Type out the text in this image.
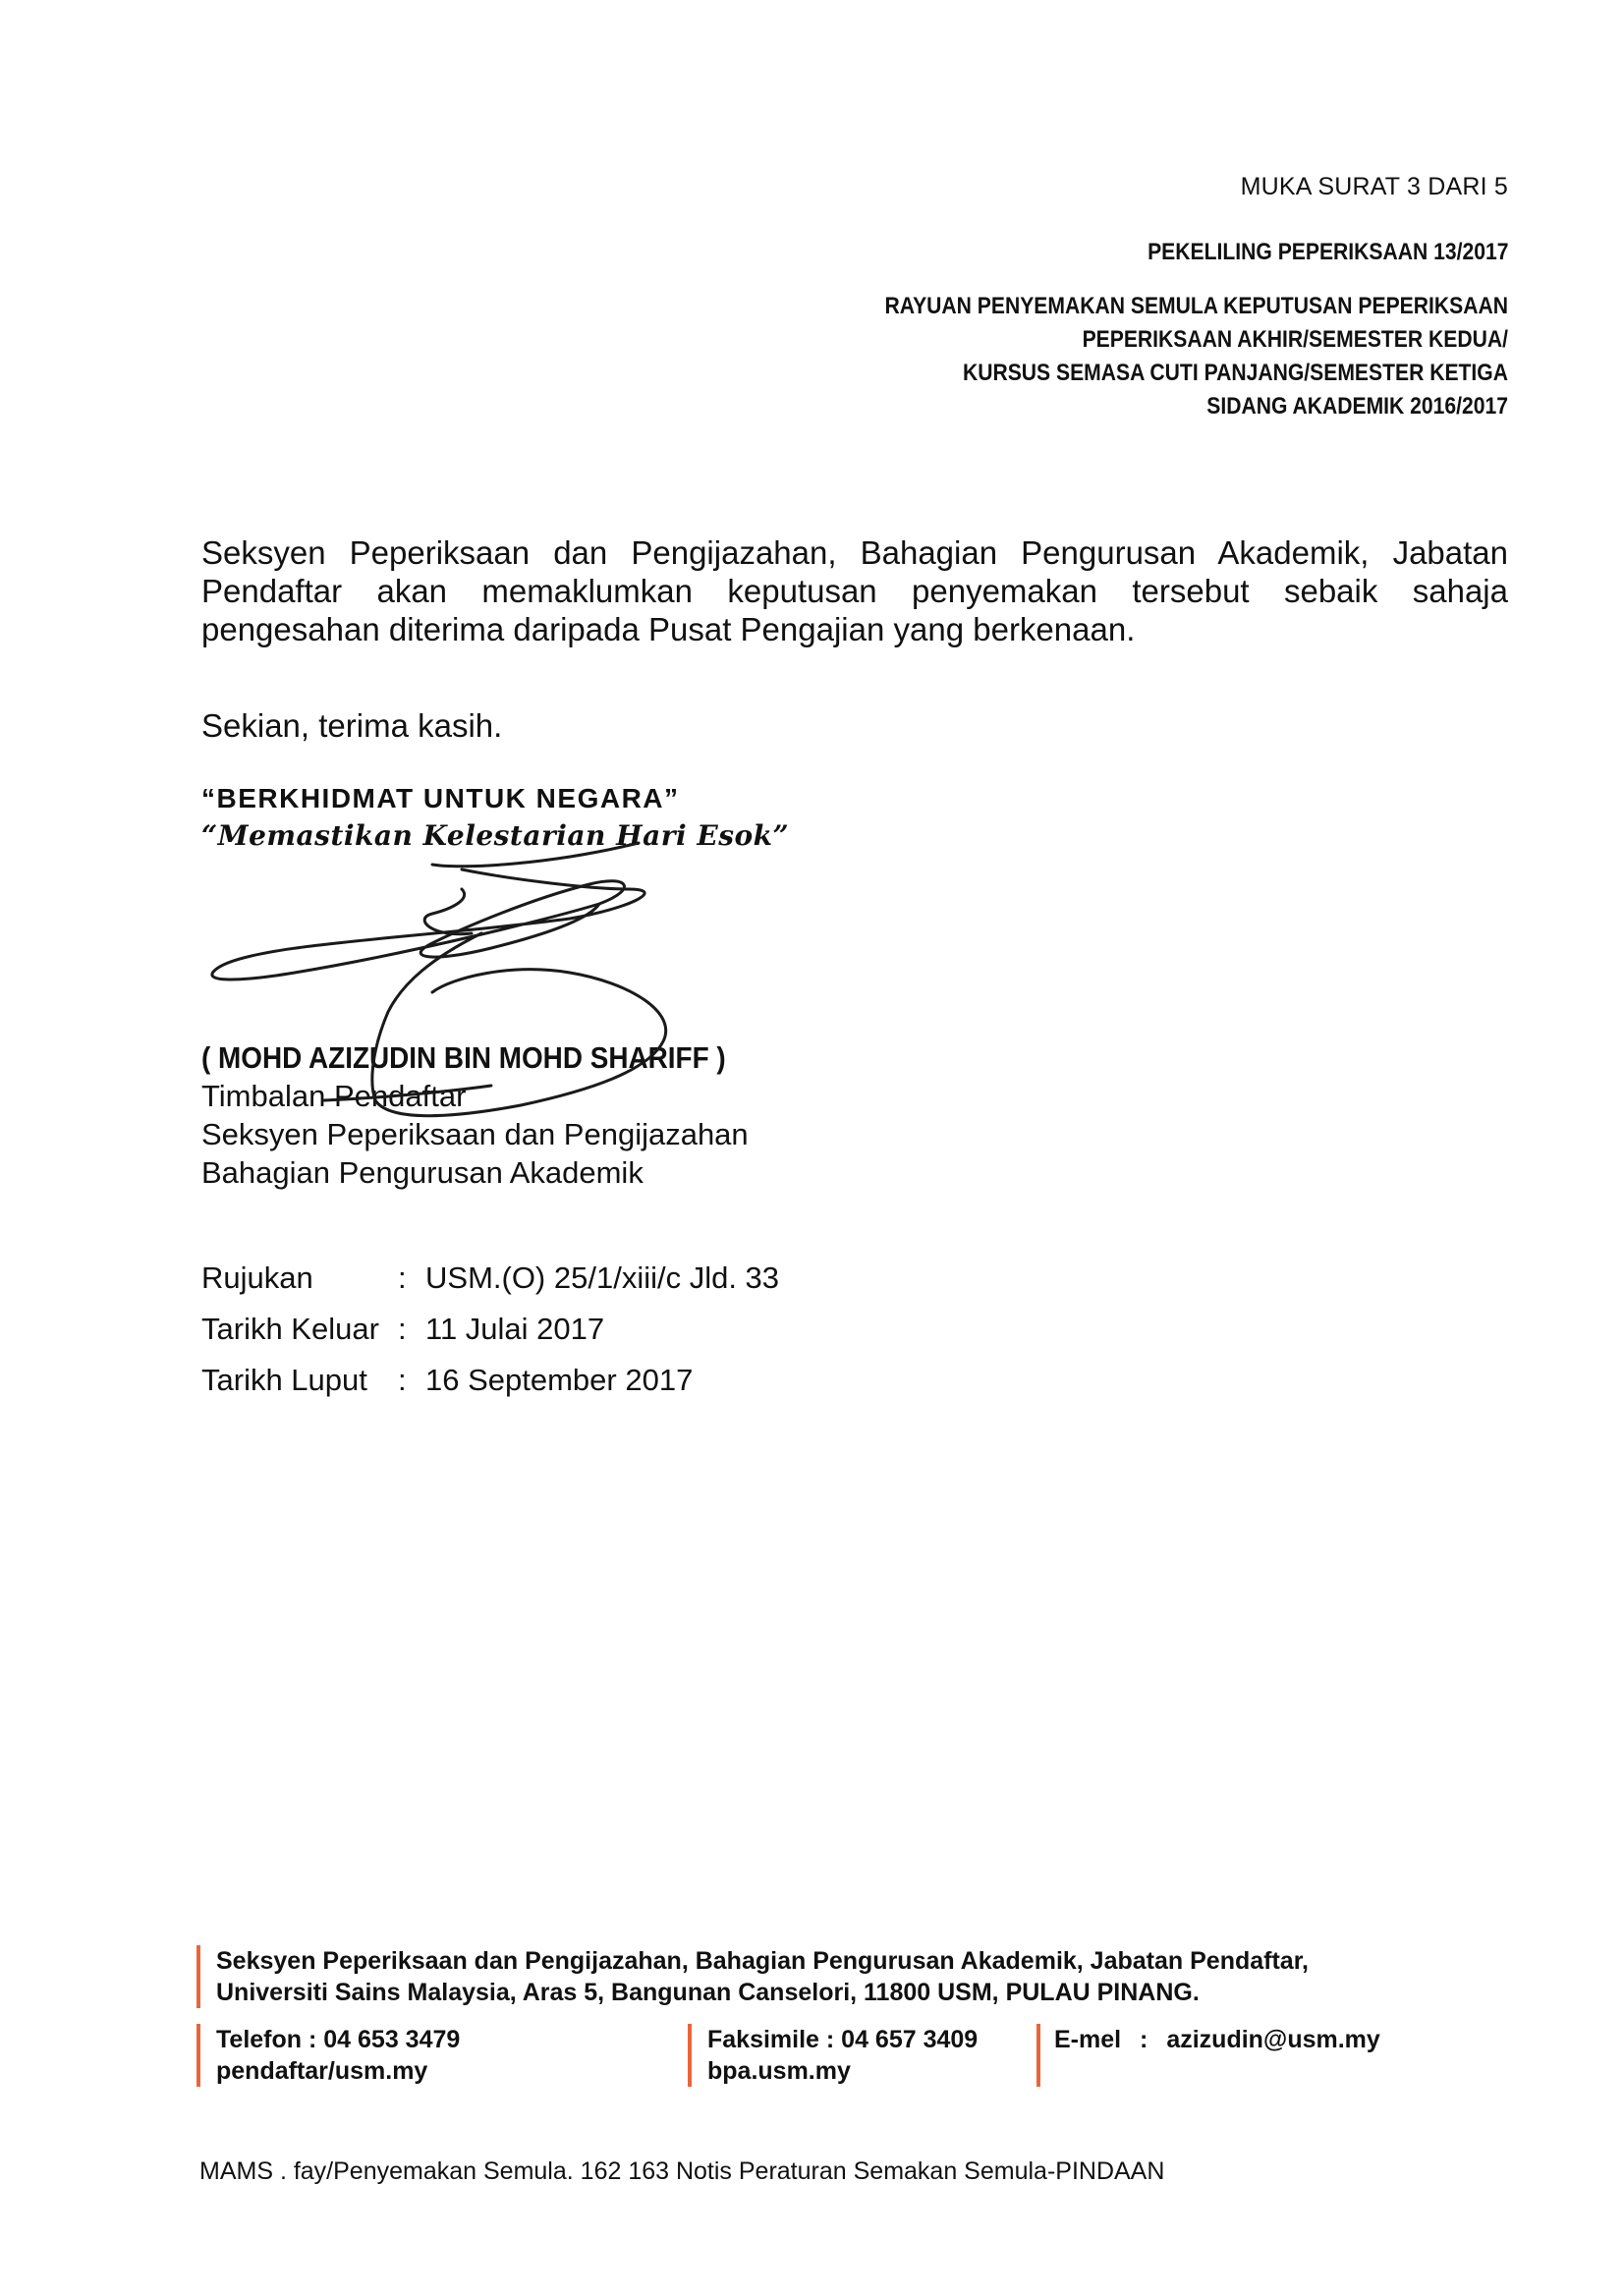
MUKA SURAT 3 DARI 5
PEKELILING PEPERIKSAAN 13/2017
RAYUAN PENYEMAKAN SEMULA KEPUTUSAN PEPERIKSAAN
PEPERIKSAAN AKHIR/SEMESTER KEDUA/
KURSUS SEMASA CUTI PANJANG/SEMESTER KETIGA
SIDANG AKADEMIK 2016/2017

Seksyen Peperiksaan dan Pengijazahan, Bahagian Pengurusan Akademik, Jabatan Pendaftar akan memaklumkan keputusan penyemakan tersebut sebaik sahaja pengesahan diterima daripada Pusat Pengajian yang berkenaan.

Sekian, terima kasih.
“BERKHIDMAT UNTUK NEGARA”
“Memastikan Kelestarian Hari Esok”
( MOHD AZIZUDIN BIN MOHD SHARIFF )
Timbalan Pendaftar
Seksyen Peperiksaan dan Pengijazahan
Bahagian Pengurusan Akademik
Rujukan	: USM.(O) 25/1/xiii/c Jld. 33
Tarikh Keluar : 11 Julai 2017
Tarikh Luput : 16 September 2017
Seksyen Peperiksaan dan Pengijazahan, Bahagian Pengurusan Akademik, Jabatan Pendaftar,
Universiti Sains Malaysia, Aras 5, Bangunan Canselori, 11800 USM, PULAU PINANG.
Telefon : 04 653 3479
pendaftar/usm.my
Faksimile : 04 657 3409
bpa.usm.my
E-mel : azizudin@usm.my
MAMS . fay/Penyemakan Semula. 162 163 Notis Peraturan Semakan Semula-PINDAAN
